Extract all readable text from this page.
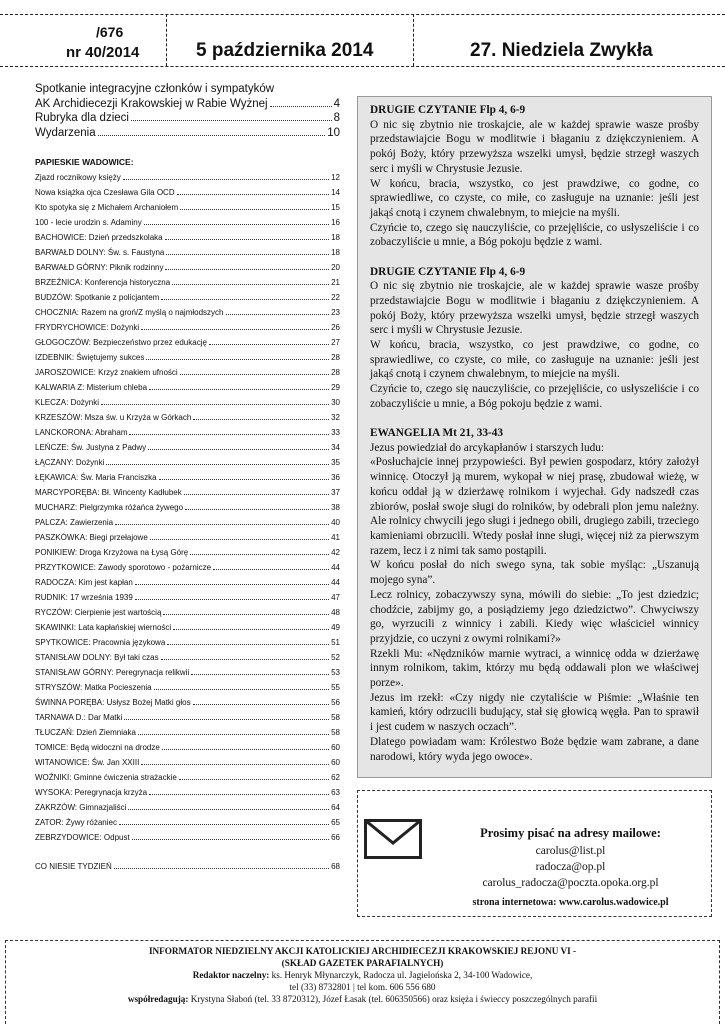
/676
nr 40/2014	5 października 2014	27. Niedziela Zwykła
Spotkanie integracyjne członków i sympatyków
AK Archidiecezji Krakowskiej w Rabie Wyżnej	4
Rubryka dla dzieci	8
Wydarzenia	10
PAPIESKIE WADOWICE:
Zjazd rocznikowy księży	12
Nowa książka ojca Czesława Gila OCD	14
Kto spotyka się z Michałem Archaniołem	15
100 - lecie urodzin s. Adaminy	16
BACHOWICE: Dzień przedszkolaka	18
BARWAŁD DOLNY: Św. s. Faustyna	18
BARWAŁD GÓRNY: Piknik rodzinny	20
BRZEŹNICA: Konferencja historyczna	21
BUDZÓW: Spotkanie z policjantem	22
CHOCZNIA: Razem na groń/Z myślą o najmłodszych	23
FRYDRYCHOWICE: Dożynki	26
GŁOGOCZÓW: Bezpieczeństwo przez edukację	27
IZDEBNIK: Świętujemy sukces	28
JAROSZOWICE: Krzyż znakiem ufności	28
KALWARIA Z: Misterium chleba	29
KLECZA: Dożynki	30
KRZESZÓW: Msza św. u Krzyża w Górkach	32
LANCKORONA: Abraham	33
LEŃCZE: Św. Justyna z Padwy	34
ŁĄCZANY: Dożynki	35
ŁĘKAWICA: Św. Maria Franciszka	36
MARCYPORĘBA: Bł. Wincenty Kadłubek	37
MUCHARZ: Pielgrzymka różańca żywego	38
PALCZA: Zawierzenia	40
PASZKÓWKA: Biegi przełajowe	41
PONIKIEW: Droga Krzyżowa na Łysą Górę	42
PRZYTKOWICE: Zawody sporotowo - pożarnicze	44
RADOCZA: Kim jest kapłan	44
RUDNIK: 17 września 1939	47
RYCZÓW: Cierpienie jest wartością	48
SKAWINKI: Lata kapłańskiej wierności	49
SPYTKOWICE: Pracownia językowa	51
STANISŁAW DOLNY: Był taki czas	52
STANISŁAW GÓRNY: Peregrynacja relikwii	53
STRYSZÓW: Matka Pocieszenia	55
ŚWINNA PORĘBA: Usłysz Bożej Matki głos	56
TARNAWA D.: Dar Matki	58
TŁUCZAŃ: Dzień Ziemniaka	58
TOMICE: Będą widoczni na drodze	60
WITANOWICE: Św. Jan XXIII	60
WOŹNIKI: Gminne ćwiczenia strażackie	62
WYSOKA: Peregrynacja krzyża	63
ZAKRZÓW: Gimnazjaliści	64
ZATOR: Żywy różaniec	65
ZEBRZYDOWICE: Odpust	66
CO NIESIE TYDZIEŃ	68
DRUGIE CZYTANIE Flp 4, 6-9

O nic się zbytnio nie troskajcie, ale w każdej sprawie wasze prośby przedstawiajcie Bogu w modlitwie i błaganiu z dziękczynieniem. A pokój Boży, który przewyższa wszelki umysł, będzie strzegł waszych serc i myśli w Chrystusie Jezusie.

W końcu, bracia, wszystko, co jest prawdziwe, co godne, co sprawiedliwe, co czyste, co miłe, co zasługuje na uznanie: jeśli jest jakąś cnotą i czynem chwalebnym, to miejcie na myśli.

Czyńcie to, czego się nauczyliście, co przejęliście, co usłyszeliście i co zobaczyliście u mnie, a Bóg pokoju będzie z wami.

DRUGIE CZYTANIE Flp 4, 6-9

O nic się zbytnio nie troskajcie, ale w każdej sprawie wasze prośby przedstawiajcie Bogu w modlitwie i błaganiu z dziękczynieniem. A pokój Boży, który przewyższa wszelki umysł, będzie strzegł waszych serc i myśli w Chrystusie Jezusie.

W końcu, bracia, wszystko, co jest prawdziwe, co godne, co sprawiedliwe, co czyste, co miłe, co zasługuje na uznanie: jeśli jest jakąś cnotą i czynem chwalebnym, to miejcie na myśli.

Czyńcie to, czego się nauczyliście, co przejęliście, co usłyszeliście i co zobaczyliście u mnie, a Bóg pokoju będzie z wami.

EWANGELIA Mt 21, 33-43

Jezus powiedział do arcykapłanów i starszych ludu:

«Posłuchajcie innej przypowieści. Był pewien gospodarz, który założył winnicę. Otoczył ją murem, wykopał w niej prasę, zbudował wieżę, w końcu oddał ją w dzierżawę rolnikom i wyjechał. Gdy nadszedł czas zbiorów, posłał swoje sługi do rolników, by odebrali plon jemu należny. Ale rolnicy chwycili jego sługi i jednego obili, drugiego zabili, trzeciego kamieniami obrzucili. Wtedy posłał inne sługi, więcej niż za pierwszym razem, lecz i z nimi tak samo postąpili.

W końcu posłał do nich swego syna, tak sobie myśląc: „Uszanują mojego syna”.

Lecz rolnicy, zobaczywszy syna, mówili do siebie: „To jest dziedzic; chodźcie, zabijmy go, a posiądziemy jego dziedzictwo”. Chwyciwszy go, wyrzucili z winnicy i zabili. Kiedy więc właściciel winnicy przyjdzie, co uczyni z owymi rolnikami?»

Rzekli Mu: «Nędzników marnie wytraci, a winnicę odda w dzierżawę innym rolnikom, takim, którzy mu będą oddawali plon we właściwej porze».

Jezus im rzekł: «Czy nigdy nie czytaliście w Piśmie: „Właśnie ten kamień, który odrzucili budujący, stał się głowicą węgła. Pan to sprawił i jest cudem w naszych oczach”.

Dlatego powiadam wam: Królestwo Boże będzie wam zabrane, a dane narodowi, który wyda jego owoce».

Prosimy pisać na adresy mailowe:
carolus@list.pl
radocza@op.pl
carolus_radocza@poczta.opoka.org.pl
strona internetowa: www.carolus.wadowice.pl
INFORMATOR NIEDZIELNY AKCJI KATOLICKIEJ ARCHIDIECEZJI KRAKOWSKIEJ REJONU VI -
(SKŁAD GAZETEK PARAFIALNYCH)
Redaktor naczelny: ks. Henryk Młynarczyk, Radocza ul. Jagielońska 2, 34-100 Wadowice,
tel (33) 8732801 | tel kom. 606 556 680
współredagują: Krystyna Słaboń (tel. 33 8720312), Józef Łasak (tel. 606350566) oraz księża i świeccy poszczególnych parafii
